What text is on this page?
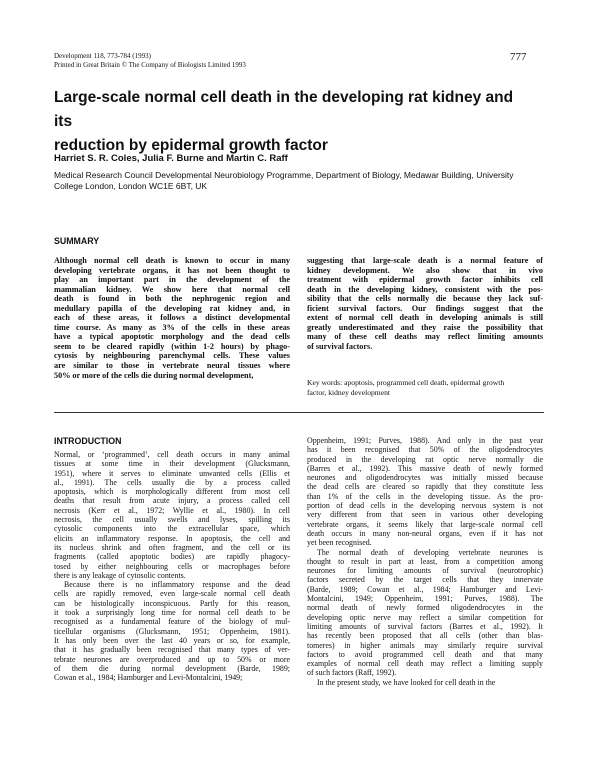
Development 118, 773-784 (1993)
Printed in Great Britain © The Company of Biologists Limited 1993
777
Large-scale normal cell death in the developing rat kidney and its
reduction by epidermal growth factor
Harriet S. R. Coles, Julia F. Burne and Martin C. Raff
Medical Research Council Developmental Neurobiology Programme, Department of Biology, Medawar Building, University
College London, London WC1E 6BT, UK
SUMMARY
Although normal cell death is known to occur in many
developing vertebrate organs, it has not been thought to
play an important part in the development of the
mammalian kidney. We show here that normal cell
death is found in both the nephrogenic region and
medullary papilla of the developing rat kidney and, in
each of these areas, it follows a distinct developmental
time course. As many as 3% of the cells in these areas
have a typical apoptotic morphology and the dead cells
seem to be cleared rapidly (within 1-2 hours) by phago-
cytosis by neighbouring parenchymal cells. These values
are similar to those in vertebrate neural tissues where
50% or more of the cells die during normal development,
suggesting that large-scale death is a normal feature of
kidney development. We also show that in vivo
treatment with epidermal growth factor inhibits cell
death in the developing kidney, consistent with the pos-
sibility that the cells normally die because they lack suf-
ficient survival factors. Our findings suggest that the
extent of normal cell death in developing animals is still
greatly underestimated and they raise the possibility that
many of these cell deaths may reflect limiting amounts
of survival factors.
Key words: apoptosis, programmed cell death, epidermal growth
factor, kidney development
INTRODUCTION
Normal, or ‘programmed’, cell death occurs in many animal
tissues at some time in their development (Glucksmann,
1951), where it serves to eliminate unwanted cells (Ellis et
al., 1991). The cells usually die by a process called
apoptosis, which is morphologically different from most cell
deaths that result from acute injury, a process called cell
necrosis (Kerr et al., 1972; Wyllie et al., 1980). In cell
necrosis, the cell usually swells and lyses, spilling its
cytosolic components into the extracellular space, which
elicits an inflammatory response. In apoptosis, the cell and
its nucleus shrink and often fragment, and the cell or its
fragments (called apoptotic bodies) are rapidly phagocy-
tosed by either neighbouring cells or macrophages before
there is any leakage of cytosolic contents.
Because there is no inflammatory response and the dead
cells are rapidly removed, even large-scale normal cell death
can be histologically inconspicuous. Partly for this reason,
it took a surprisingly long time for normal cell death to be
recognised as a fundamental feature of the biology of mul-
ticellular organisms (Glucksmann, 1951; Oppenheim, 1981).
It has only been over the last 40 years or so, for example,
that it has gradually been recognised that many types of ver-
tebrate neurones are overproduced and up to 50% or more
of them die during normal development (Barde, 1989;
Cowan et al., 1984; Hamburger and Levi-Montalcini, 1949;
Oppenheim, 1991; Purves, 1988). And only in the past year
has it been recognised that 50% of the oligodendrocytes
produced in the developing rat optic nerve normally die
(Barres et al., 1992). This massive death of newly formed
neurones and oligodendrocytes was initially missed because
the dead cells are cleared so rapidly that they constitute less
than 1% of the cells in the developing tissue. As the pro-
portion of dead cells in the developing nervous system is not
very different from that seen in various other developing
vertebrate organs, it seems likely that large-scale normal cell
death occurs in many non-neural organs, even if it has not
yet been recognised.
The normal death of developing vertebrate neurones is
thought to result in part at least, from a competition among
neurones for limiting amounts of survival (neurotrophic)
factors secreted by the target cells that they innervate
(Barde, 1989; Cowan et al., 1984; Hamburger and Levi-
Montalcini, 1949; Oppenheim, 1991; Purves, 1988). The
normal death of newly formed oligodendrocytes in the
developing optic nerve may reflect a similar competition for
limiting amounts of survival factors (Barres et al., 1992). It
has recently been proposed that all cells (other than blas-
tomeres) in higher animals may similarly require survival
factors to avoid programmed cell death and that many
examples of normal cell death may reflect a limiting supply
of such factors (Raff, 1992).
In the present study, we have looked for cell death in the
